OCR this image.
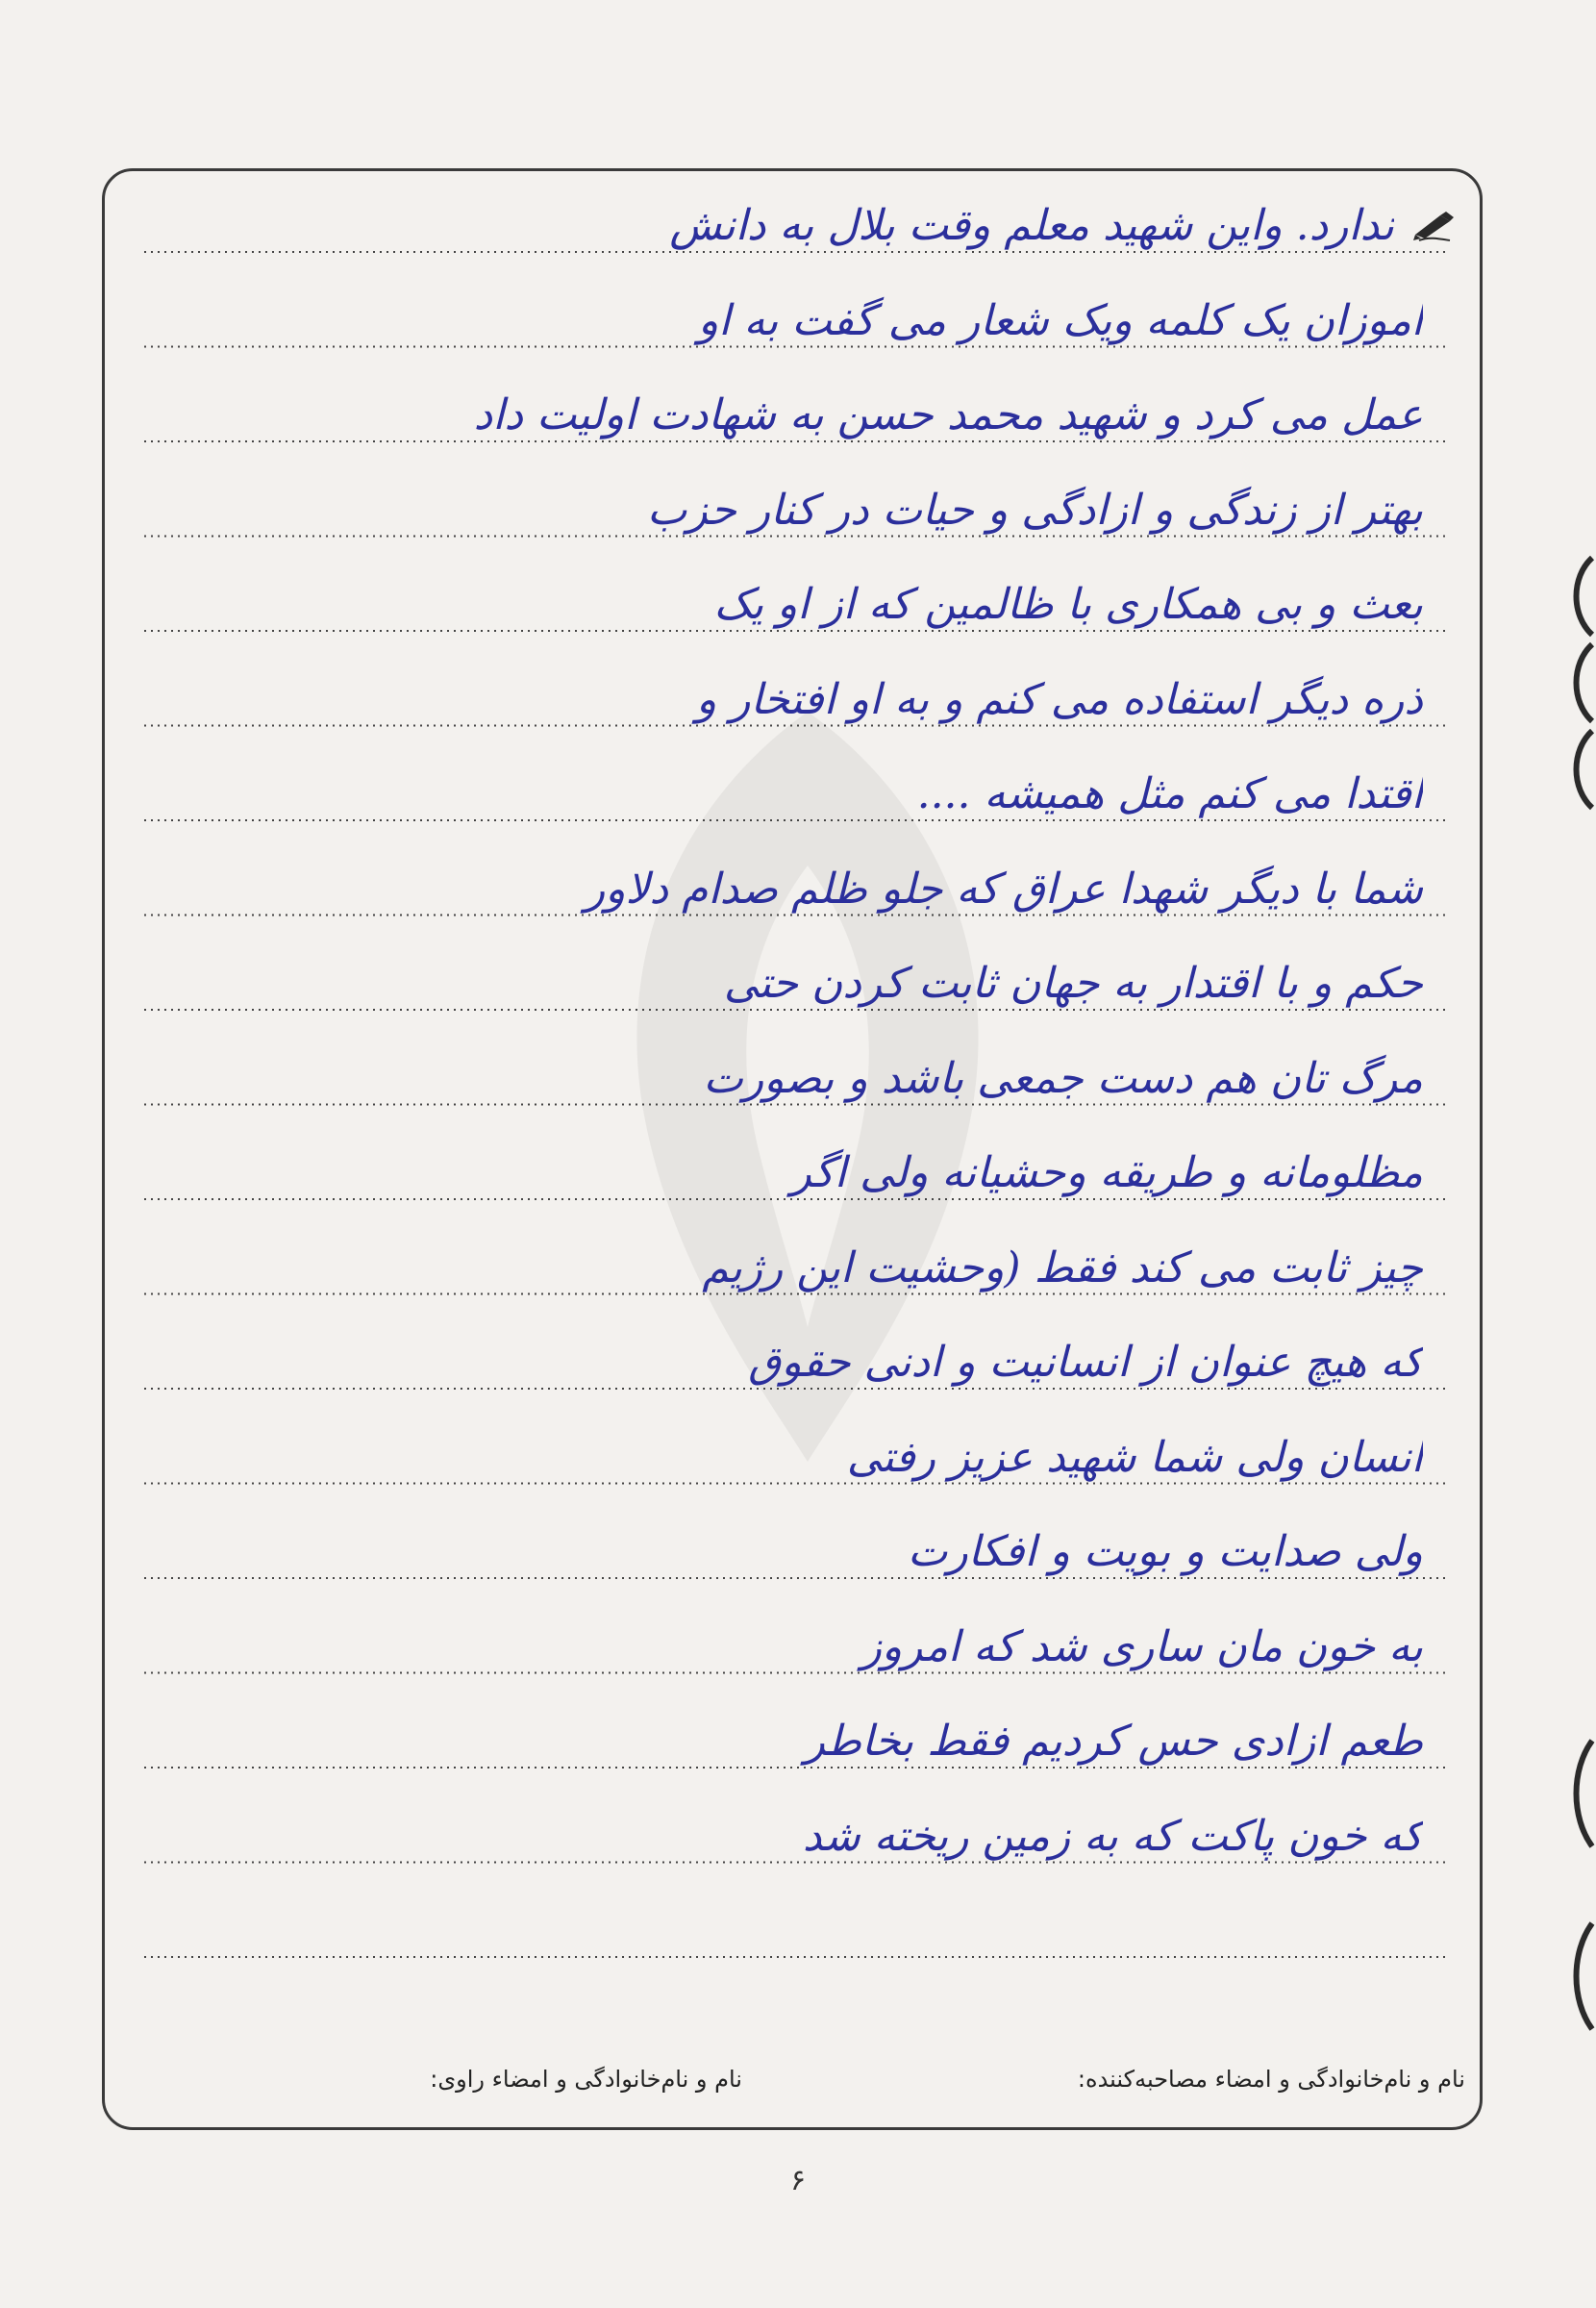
ندارد. واین شهید معلم وقت بلال به دانش
اموزان یک کلمه ویک شعار می گفت به او
عمل می کرد و شهید محمد حسن به شهادت اولیت داد
بهتر از زندگی و ازادگی و حیات در کنار حزب
بعث و بی همکاری با ظالمین که از او یک
ذره دیگر استفاده می کنم و به او افتخار و
اقتدا می کنم مثل همیشه ....
شما با دیگر شهدا عراق که جلو ظلم صدام دلاور
حکم و با اقتدار به جهان ثابت کردن حتی
مرگ تان هم دست جمعی باشد و بصورت
مظلومانه و طریقه وحشیانه ولی اگر
چیز ثابت می کند فقط (وحشیت این رژیم
که هیچ عنوان از انسانیت و ادنی حقوق
انسان ولی شما شهید عزیز رفتی
ولی صدایت و بویت و افکارت
به خون مان ساری شد که امروز
طعم ازادی حس کردیم فقط بخاطر
که خون پاکت که به زمین ریخته شد
نام و نام‌خانوادگی و امضاء مصاحبه‌کننده:
نام و نام‌خانوادگی و امضاء راوی:
۶
